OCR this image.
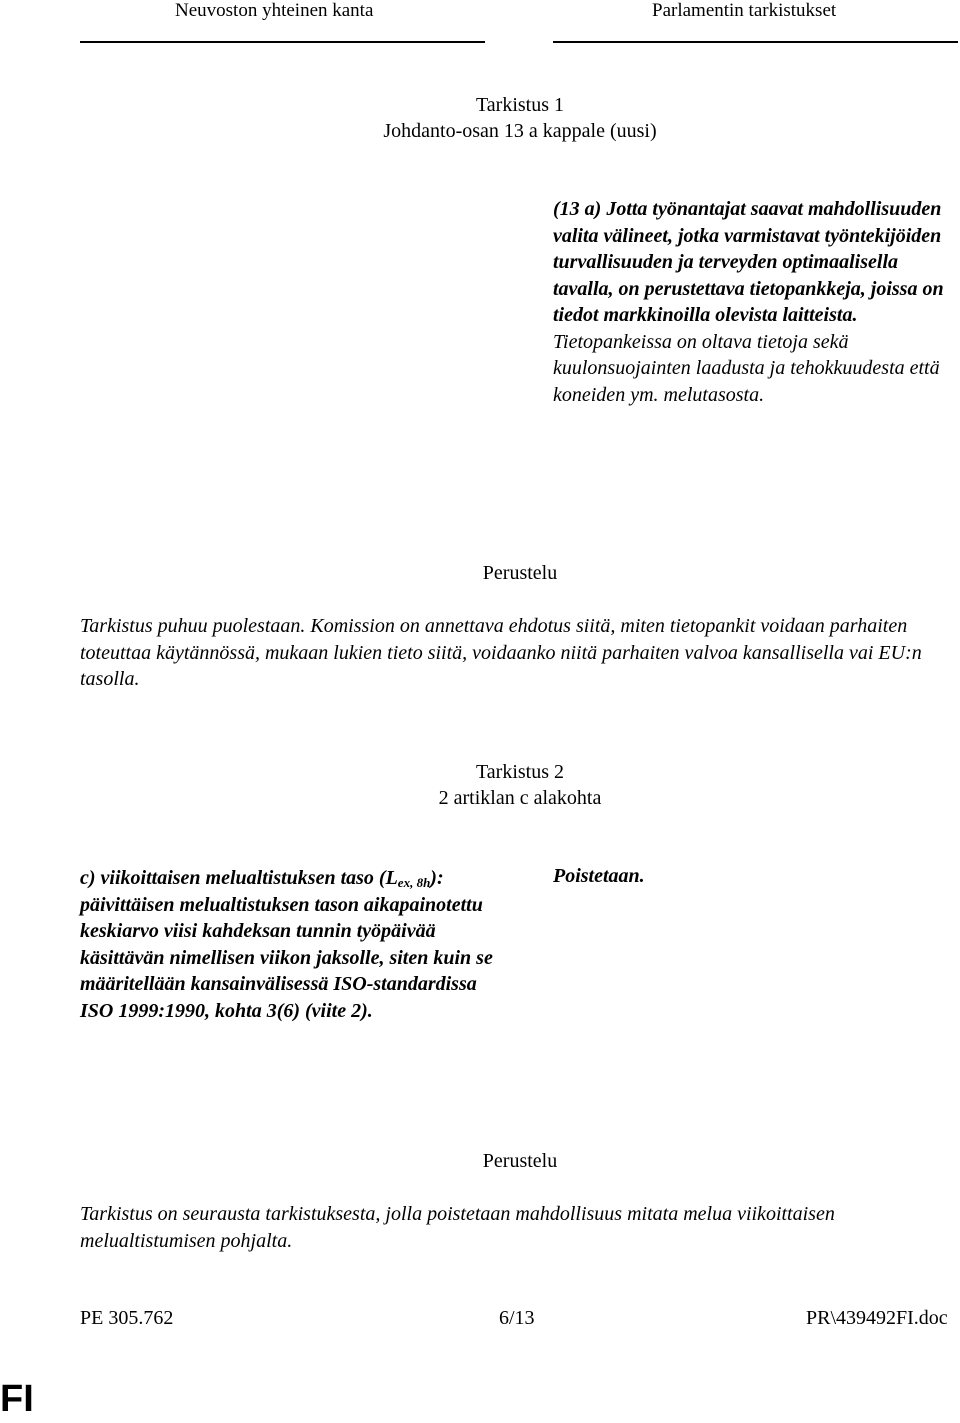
Neuvoston yhteinen kanta	Parlamentin tarkistukset
Tarkistus 1
Johdanto-osan 13 a kappale (uusi)
(13 a) Jotta työnantajat saavat mahdollisuuden valita välineet, jotka varmistavat työntekijöiden turvallisuuden ja terveyden optimaalisella tavalla, on perustettava tietopankkeja, joissa on tiedot markkinoilla olevista laitteista. Tietopankeissa on oltava tietoja sekä kuulonsuojainten laadusta ja tehokkuudesta että koneiden ym. melutasosta.
Perustelu
Tarkistus puhuu puolestaan. Komission on annettava ehdotus siitä, miten tietopankit voidaan parhaiten toteuttaa käytännössä, mukaan lukien tieto siitä, voidaanko niitä parhaiten valvoa kansallisella vai EU:n tasolla.
Tarkistus 2
2 artiklan c alakohta
c) viikoittaisen melualtistuksen taso $(L_{ex, 8h})$: päivittäisen melualtistuksen tason aikapainotettu keskiarvo viisi kahdeksan tunnin työpäivää käsittävän nimellisen viikon jaksolle, siten kuin se määritellään kansainvälisessä ISO-standardissa ISO 1999:1990, kohta 3(6) (viite 2).
Poistetaan.
Perustelu
Tarkistus on seurausta tarkistuksesta, jolla poistetaan mahdollisuus mitata melua viikoittaisen melualtistumisen pohjalta.
PE 305.762	6/13	PR\439492FI.doc
FI
